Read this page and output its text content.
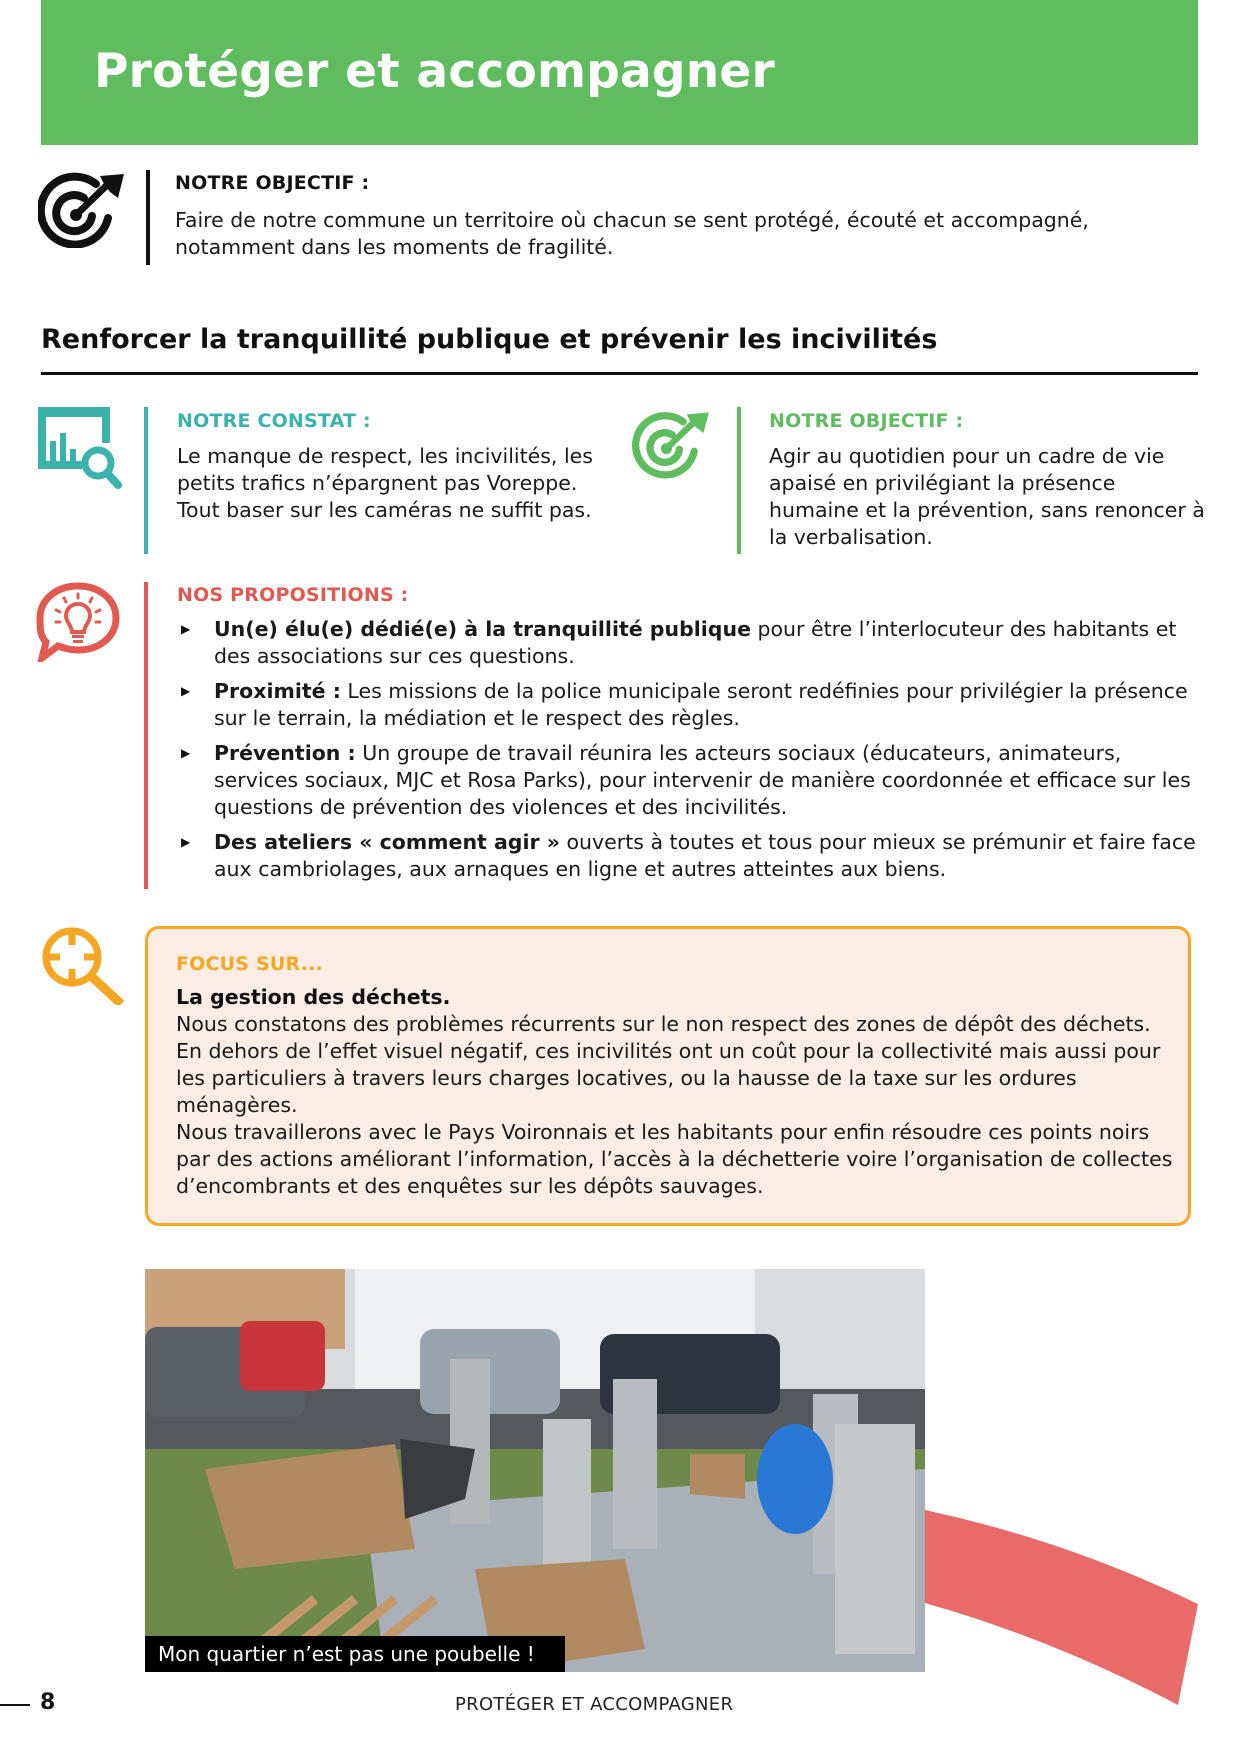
Protéger et accompagner
NOTRE OBJECTIF :
Faire de notre commune un territoire où chacun se sent protégé, écouté et accompagné, notamment dans les moments de fragilité.
Renforcer la tranquillité publique et prévenir les incivilités
NOTRE CONSTAT :
Le manque de respect, les incivilités, les petits trafics n’épargnent pas Voreppe. Tout baser sur les caméras ne suffit pas.
NOTRE OBJECTIF :
Agir au quotidien pour un cadre de vie apaisé en privilégiant la présence humaine et la prévention, sans renoncer à la verbalisation.
NOS PROPOSITIONS :
▶ Un(e) élu(e) dédié(e) à la tranquillité publique pour être l’interlocuteur des habitants et des associations sur ces questions.
▶ Proximité : Les missions de la police municipale seront redéfinies pour privilégier la présence sur le terrain, la médiation et le respect des règles.
▶ Prévention : Un groupe de travail réunira les acteurs sociaux (éducateurs, animateurs, services sociaux, MJC et Rosa Parks), pour intervenir de manière coordonnée et efficace sur les questions de prévention des violences et des incivilités.
▶ Des ateliers « comment agir » ouverts à toutes et tous pour mieux se prémunir et faire face aux cambriolages, aux arnaques en ligne et autres atteintes aux biens.
FOCUS SUR...
La gestion des déchets.
Nous constatons des problèmes récurrents sur le non respect des zones de dépôt des déchets. En dehors de l’effet visuel négatif, ces incivilités ont un coût pour la collectivité mais aussi pour les particuliers à travers leurs charges locatives, ou la hausse de la taxe sur les ordures ménagères.
Nous travaillerons avec le Pays Voironnais et les habitants pour enfin résoudre ces points noirs par des actions améliorant l’information, l’accès à la déchetterie voire l’organisation de collectes d’encombrants et des enquêtes sur les dépôts sauvages.
Mon quartier n’est pas une poubelle !
8	PROTÉGER ET ACCOMPAGNER
